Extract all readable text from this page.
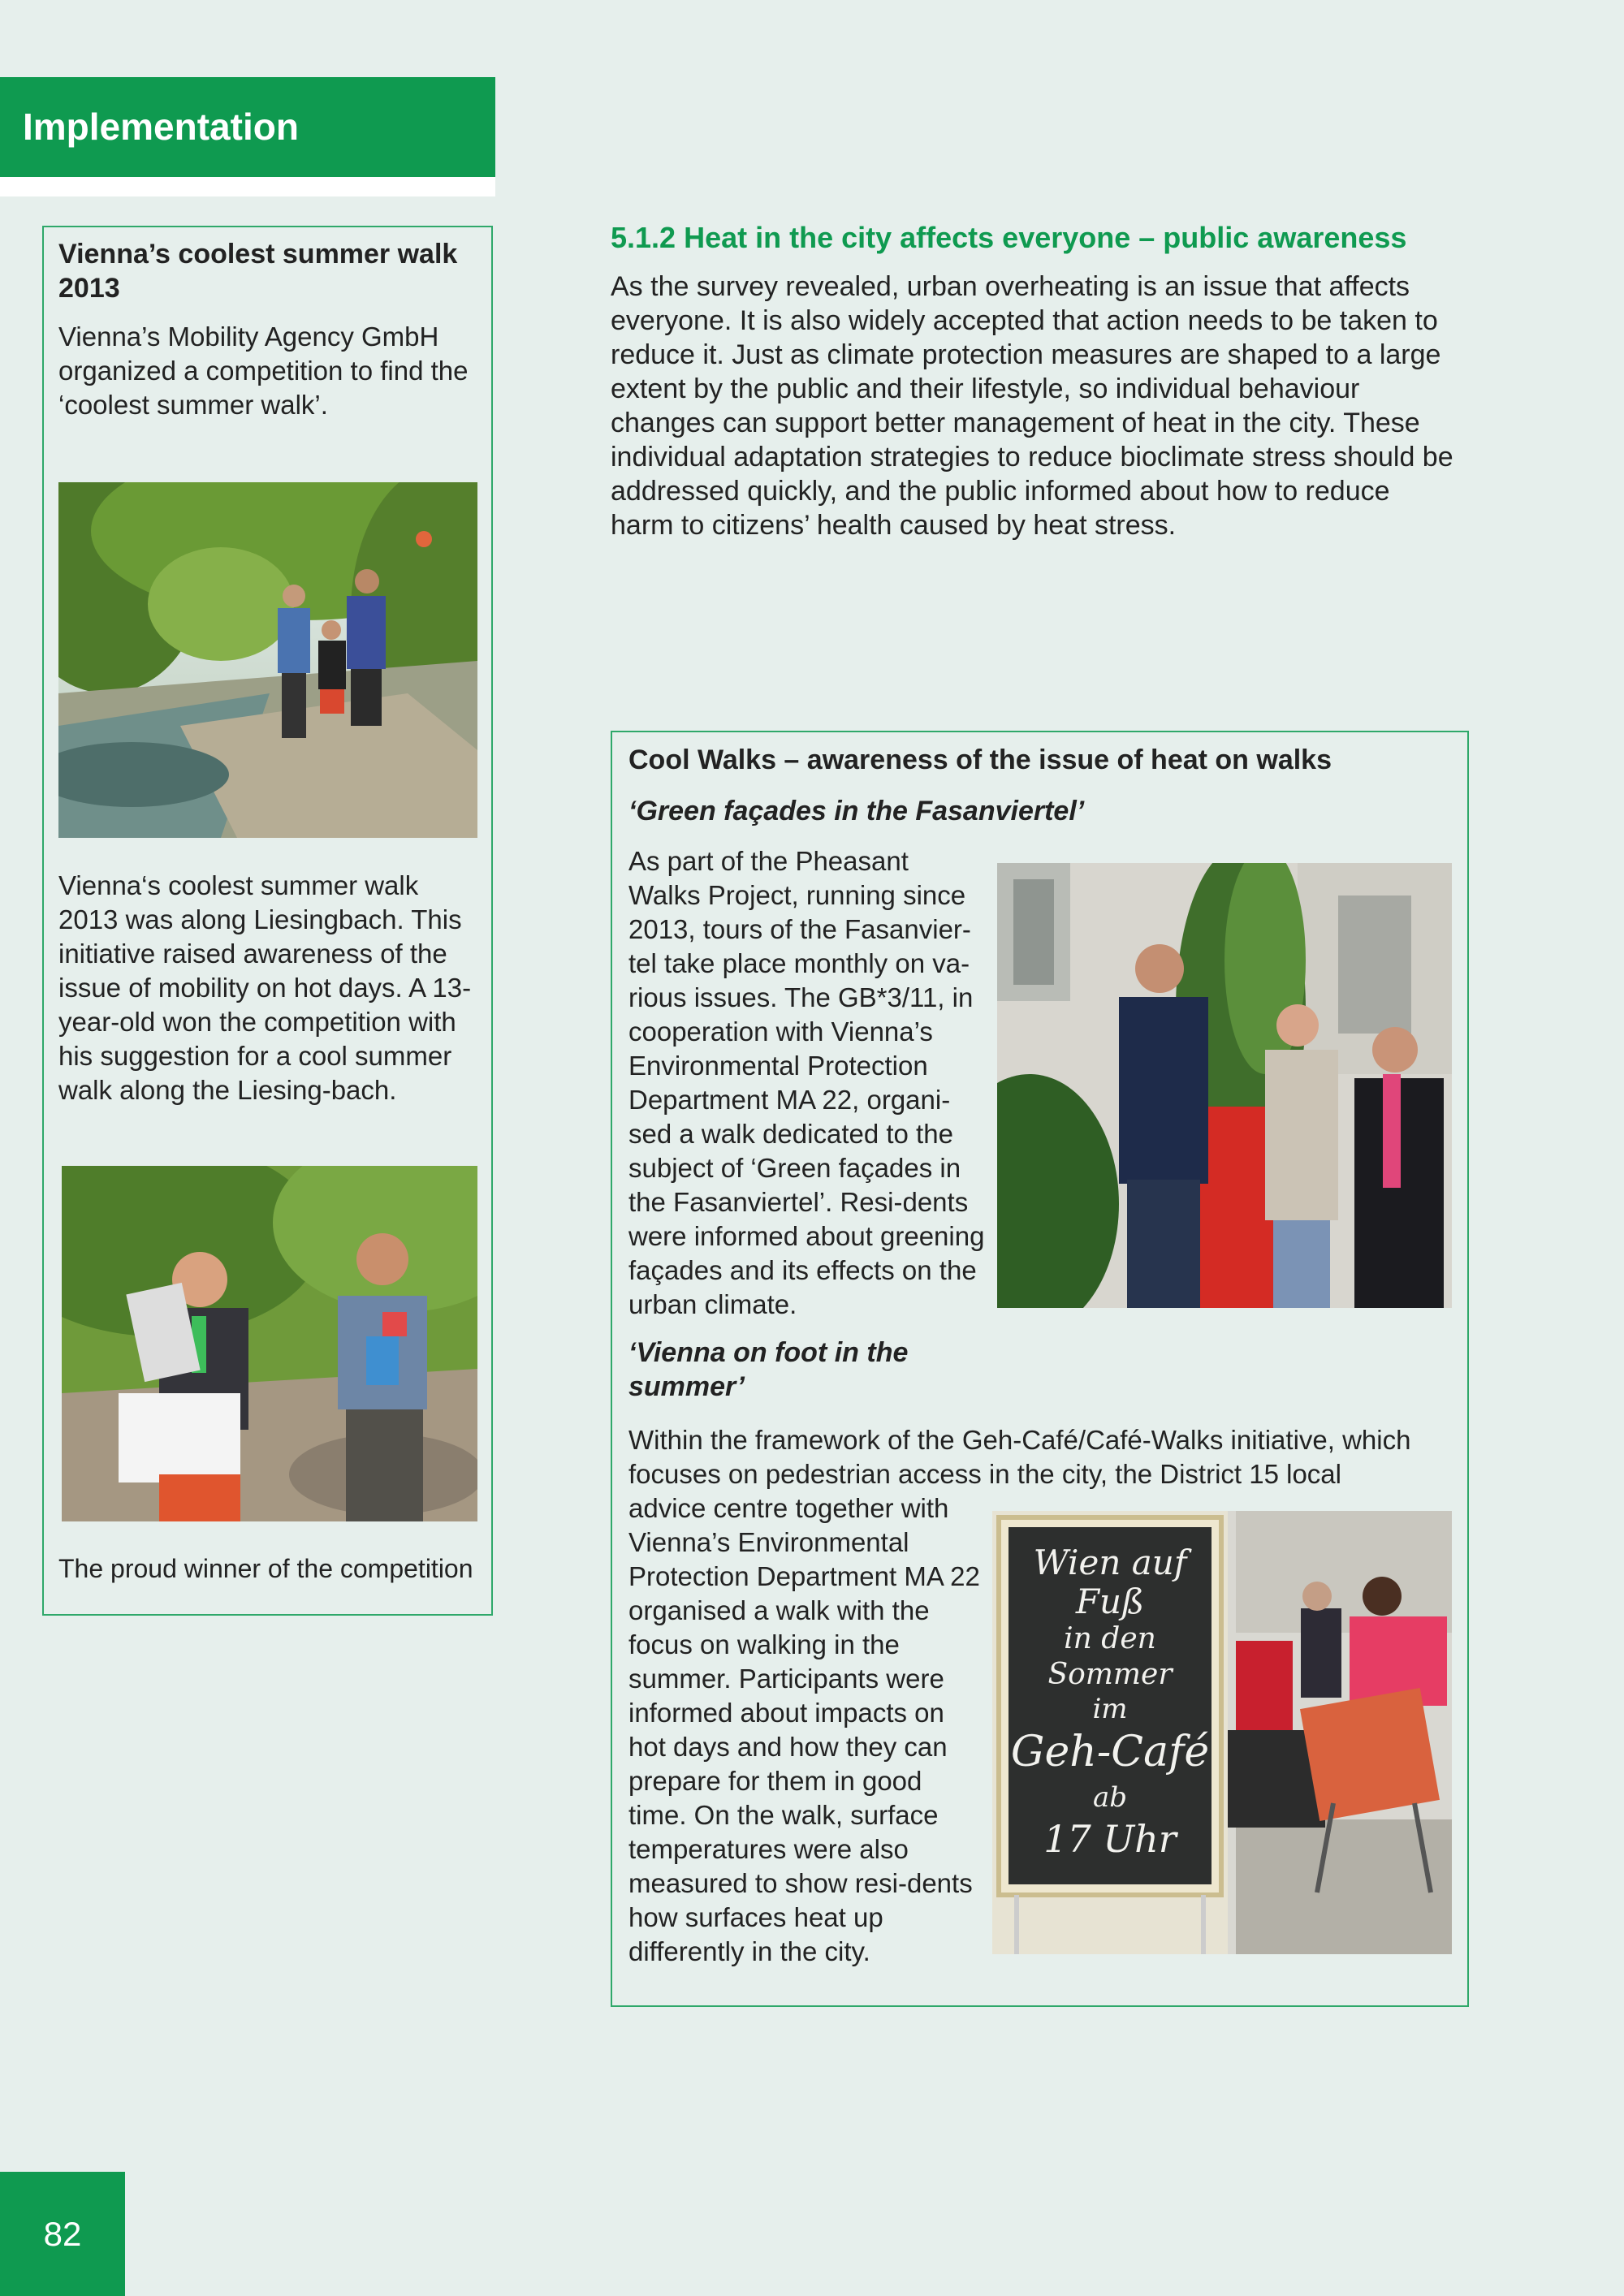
Implementation
Vienna’s coolest summer walk 2013

Vienna’s Mobility Agency GmbH organized a competition to find the ‘coolest summer walk’.

Vienna‘s coolest summer walk 2013 was along Liesingbach. This initiative raised awareness of the issue of mobility on hot days. A 13-year-old won the competition with his suggestion for a cool summer walk along the Liesing-bach.

The proud winner of the competition

5.1.2 Heat in the city affects everyone – public awareness

As the survey revealed, urban overheating is an issue that affects everyone. It is also widely accepted that action needs to be taken to reduce it. Just as climate protection measures are shaped to a large extent by the public and their lifestyle, so individual behaviour changes can support better management of heat in the city. These individual adaptation strategies to reduce bioclimate stress should be addressed quickly, and the public informed about how to reduce harm to citizens’ health caused by heat stress.

Cool Walks – awareness of the issue of heat on walks

‘Green façades in the Fasanviertel’

As part of the Pheasant Walks Project, running since 2013, tours of the Fasanvier-tel take place monthly on va-rious issues. The GB*3/11, in cooperation with Vienna’s Environmental Protection Department MA 22, organi-sed a walk dedicated to the subject of ‘Green façades in the Fasanviertel’. Resi-dents were informed about greening façades and its effects on the urban climate.

‘Vienna on foot in the summer’

Within the framework of the Geh-Café/Café-Walks initiative, which focuses on pedestrian access in the city, the District 15 local

advice centre together with Vienna’s Environmental Protection Department MA 22 organised a walk with the focus on walking in the summer. Participants were informed about impacts on hot days and how they can prepare for them in good time. On the walk, surface temperatures were also measured to show resi-dents how surfaces heat up differently in the city.

Wien auf Fuß
in den Sommer
im
Geh-Café
ab
17 Uhr
82
